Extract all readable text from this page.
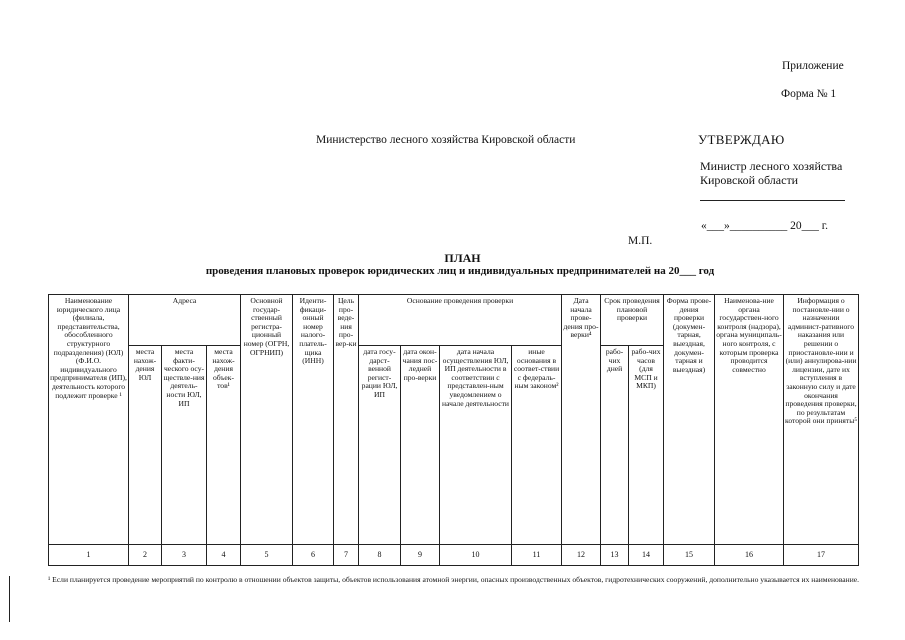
Приложение
Форма № 1
Министерство лесного хозяйства Кировской области	УТВЕРЖДАЮ
Министр лесного хозяйства
Кировской области
«___»__________ 20___ г.
М.П.
ПЛАН
проведения плановых проверок юридических лиц и индивидуальных предпринимателей на 20___ год
Наименование юридического лица (филиала, представительства, обособленного структурного подразделения) (ЮЛ) (Ф.И.О. индивидуального предпринимателя (ИП), деятельность которого подлежит проверке ¹	Адреса			Основной государ-ственный регистра-ционный номер (ОГРН, ОГРНИП)	Иденти-фикаци-онный номер налого-платель-щика (ИНН)	Цель про-веде-ния про-вер-ки	Основание проведения проверки				Дата начала прове-дения про-верки⁴	Срок проведения плановой проверки		Форма прове-дения проверки (докумен-тарная, выездная, докумен-тарная и выездная)	Наименова-ние органа государствен-ного контроля (надзора), органа муниципаль-ного контроля, с которым проверка проводится совместно	Информация о постановле-нии о назначении админист-ративного наказания или решении о приостановле-нии и (или) аннулирова-нии лицензии, дате их вступления в законную силу и дате окончания проведения проверки, по результатам которой они приняты⁵
	места нахож-дения ЮЛ	места факти-ческого осу-ществле-ния деятель-ности ЮЛ, ИП	места нахож-дения объек-тов¹				дата госу-дарст-венной регист-рации ЮЛ, ИП	дата окон-чания пос-ледней про-верки	дата начала осуществления ЮЛ, ИП деятельности в соответствии с представлен-ным уведомлением о начале деятельности	иные основания в соответ-ствии с федераль-ным законом²		рабо-чих дней	рабо-чих часов (для МСП и МКП)			
1	2	3	4	5	6	7	8	9	10	11	12	13	14	15	16	17
¹ Если планируется проведение мероприятий по контролю в отношении объектов защиты, объектов использования атомной энергии, опасных производственных объектов, гидротехнических сооружений, дополнительно указывается их наименование.
